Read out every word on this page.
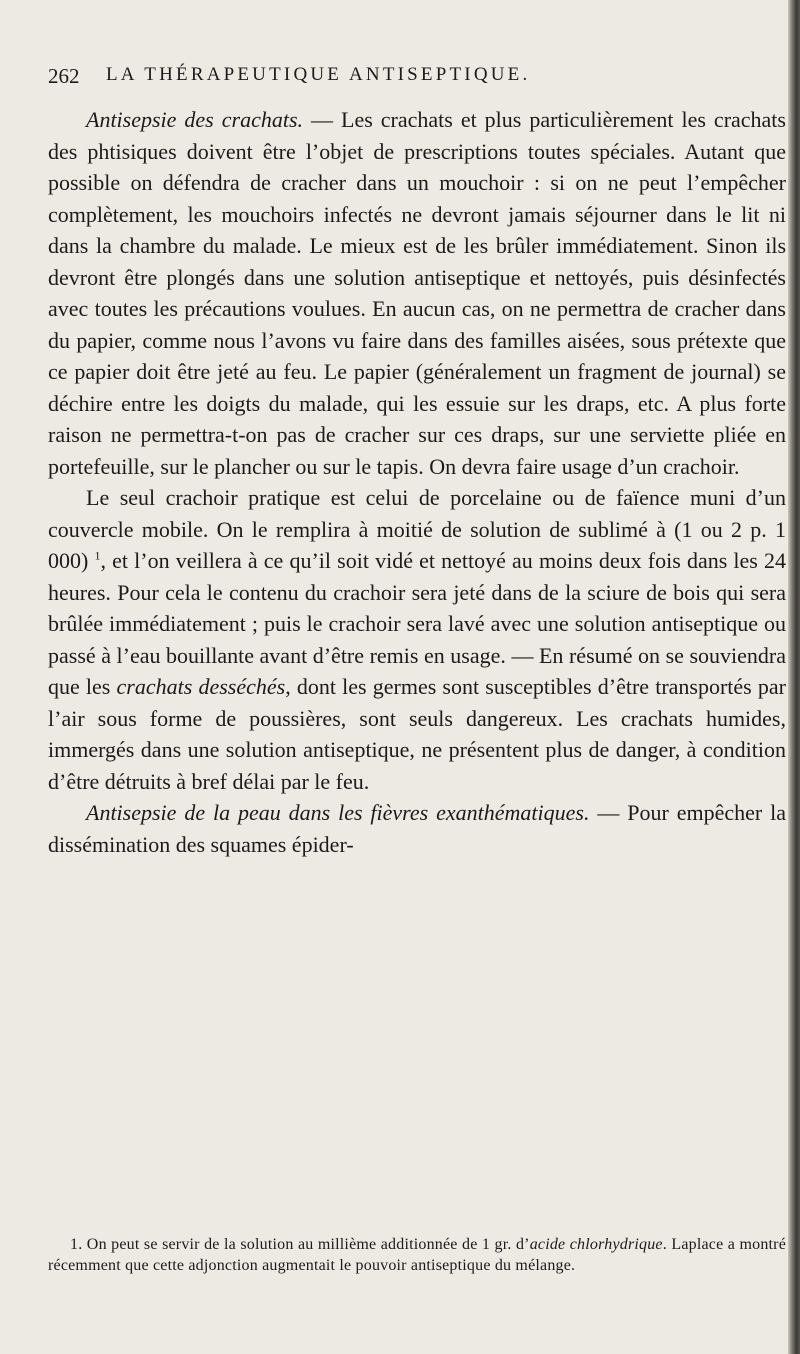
262 LA THÉRAPEUTIQUE ANTISEPTIQUE.

Antisepsie des crachats. — Les crachats et plus particulièrement les crachats des phtisiques doivent être l’objet de prescriptions toutes spéciales. Autant que possible on défendra de cracher dans un mouchoir : si on ne peut l’empêcher complètement, les mouchoirs infectés ne devront jamais séjourner dans le lit ni dans la chambre du malade. Le mieux est de les brûler immédiatement. Sinon ils devront être plongés dans une solution antiseptique et nettoyés, puis désinfectés avec toutes les précautions voulues. En aucun cas, on ne permettra de cracher dans du papier, comme nous l’avons vu faire dans des familles aisées, sous prétexte que ce papier doit être jeté au feu. Le papier (généralement un fragment de journal) se déchire entre les doigts du malade, qui les essuie sur les draps, etc. A plus forte raison ne permettra-t-on pas de cracher sur ces draps, sur une serviette pliée en portefeuille, sur le plancher ou sur le tapis. On devra faire usage d’un crachoir.

Le seul crachoir pratique est celui de porcelaine ou de faïence muni d’un couvercle mobile. On le remplira à moitié de solution de sublimé à (1 ou 2 p. 1 000) $^1$, et l’on veillera à ce qu’il soit vidé et nettoyé au moins deux fois dans les 24 heures. Pour cela le contenu du crachoir sera jeté dans de la sciure de bois qui sera brûlée immédiatement ; puis le crachoir sera lavé avec une solution antiseptique ou passé à l’eau bouillante avant d’être remis en usage. — En résumé on se souviendra que les crachats desséchés, dont les germes sont susceptibles d’être transportés par l’air sous forme de poussières, sont seuls dangereux. Les crachats humides, immergés dans une solution antiseptique, ne présentent plus de danger, à condition d’être détruits à bref délai par le feu.

Antisepsie de la peau dans les fièvres exanthématiques. — Pour empêcher la dissémination des squames épider-

1. On peut se servir de la solution au millième additionnée de 1 gr. d’acide chlorhydrique. Laplace a montré récemment que cette adjonction augmentait le pouvoir antiseptique du mélange.
